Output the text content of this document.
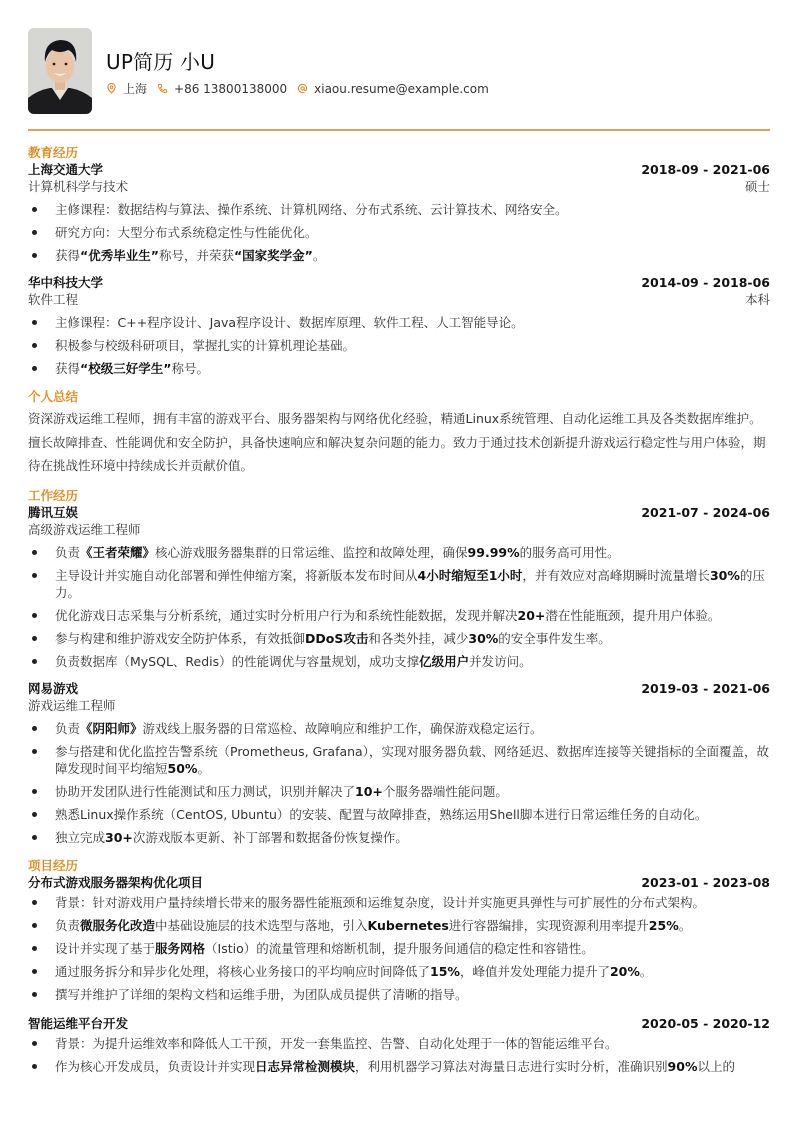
UP简历 小U
上海 +86 13800138000 xiaou.resume@example.com
教育经历
上海交通大学	2018-09 - 2021-06
计算机科学与技术	硕士
主修课程：数据结构与算法、操作系统、计算机网络、分布式系统、云计算技术、网络安全。
研究方向：大型分布式系统稳定性与性能优化。
获得“优秀毕业生”称号，并荣获“国家奖学金”。
华中科技大学	2014-09 - 2018-06
软件工程	本科
主修课程：C++程序设计、Java程序设计、数据库原理、软件工程、人工智能导论。
积极参与校级科研项目，掌握扎实的计算机理论基础。
获得“校级三好学生”称号。
个人总结
资深游戏运维工程师，拥有丰富的游戏平台、服务器架构与网络优化经验，精通Linux系统管理、自动化运维工具及各类数据库维护。擅长故障排查、性能调优和安全防护，具备快速响应和解决复杂问题的能力。致力于通过技术创新提升游戏运行稳定性与用户体验，期待在挑战性环境中持续成长并贡献价值。
工作经历
腾讯互娱	2021-07 - 2024-06
高级游戏运维工程师
负责《王者荣耀》核心游戏服务器集群的日常运维、监控和故障处理，确保99.99%的服务高可用性。
主导设计并实施自动化部署和弹性伸缩方案，将新版本发布时间从4小时缩短至1小时，并有效应对高峰期瞬时流量增长30%的压力。
优化游戏日志采集与分析系统，通过实时分析用户行为和系统性能数据，发现并解决20+潜在性能瓶颈，提升用户体验。
参与构建和维护游戏安全防护体系，有效抵御DDoS攻击和各类外挂，减少30%的安全事件发生率。
负责数据库（MySQL、Redis）的性能调优与容量规划，成功支撑亿级用户并发访问。
网易游戏	2019-03 - 2021-06
游戏运维工程师
负责《阴阳师》游戏线上服务器的日常巡检、故障响应和维护工作，确保游戏稳定运行。
参与搭建和优化监控告警系统（Prometheus, Grafana），实现对服务器负载、网络延迟、数据库连接等关键指标的全面覆盖，故障发现时间平均缩短50%。
协助开发团队进行性能测试和压力测试，识别并解决了10+个服务器端性能问题。
熟悉Linux操作系统（CentOS, Ubuntu）的安装、配置与故障排查，熟练运用Shell脚本进行日常运维任务的自动化。
独立完成30+次游戏版本更新、补丁部署和数据备份恢复操作。
项目经历
分布式游戏服务器架构优化项目	2023-01 - 2023-08
背景：针对游戏用户量持续增长带来的服务器性能瓶颈和运维复杂度，设计并实施更具弹性与可扩展性的分布式架构。
负责微服务化改造中基础设施层的技术选型与落地，引入Kubernetes进行容器编排，实现资源利用率提升25%。
设计并实现了基于服务网格（Istio）的流量管理和熔断机制，提升服务间通信的稳定性和容错性。
通过服务拆分和异步化处理，将核心业务接口的平均响应时间降低了15%，峰值并发处理能力提升了20%。
撰写并维护了详细的架构文档和运维手册，为团队成员提供了清晰的指导。
智能运维平台开发	2020-05 - 2020-12
背景：为提升运维效率和降低人工干预，开发一套集监控、告警、自动化处理于一体的智能运维平台。
作为核心开发成员，负责设计并实现日志异常检测模块，利用机器学习算法对海量日志进行实时分析，准确识别90%以上的
